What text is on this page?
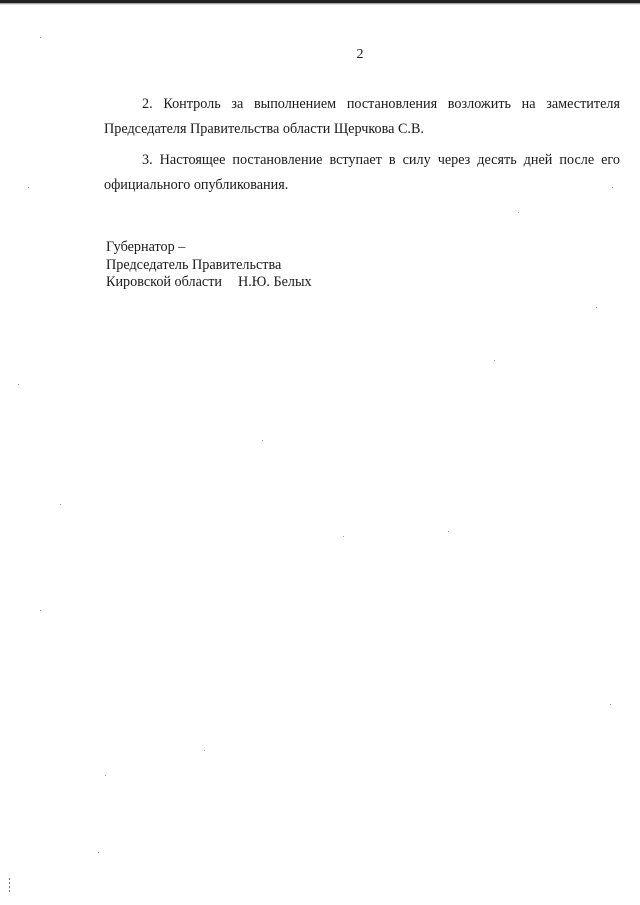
2

2. Контроль за выполнением постановления возложить на заместителя Председателя Правительства области Щерчкова С.В.

3. Настоящее постановление вступает в силу через десять дней после его официального опубликования.

Губернатор –
Председатель Правительства
Кировской области Н.Ю. Белых
